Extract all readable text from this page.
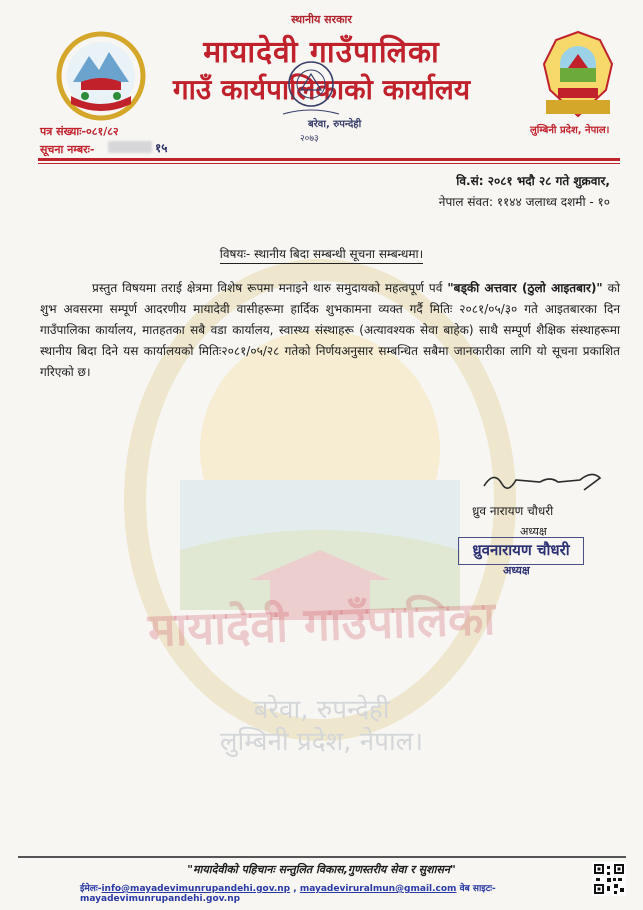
मायादेवी गाउँपालिका
बरेवा, रुपन्देही
लुम्बिनी प्रदेश, नेपाल।
स्थानीय सरकार
मायादेवी गाउँपालिका
गाउँ कार्यपालिकाको कार्यालय
लुम्बिनी प्रदेश, नेपाल।
बरेवा, रुपन्देही
२०७३
पत्र संख्याः-०८१/८२
सूचना नम्बरः-	१५
वि.सं: २०८१ भदौ २८ गते शुक्रवार,
नेपाल संवत: ११४४ जलाध्व दशमी - १०
विषयः- स्थानीय बिदा सम्बन्धी सूचना सम्बन्धमा।
प्रस्तुत विषयमा तराई क्षेत्रमा विशेष रूपमा मनाइने थारु समुदायको महत्वपूर्ण पर्व "बड्की अत्तवार (ठुलो आइतबार)" को शुभ अवसरमा सम्पूर्ण आदरणीय मायादेवी वासीहरूमा हार्दिक शुभकामना व्यक्त गर्दै मितिः २०८१/०५/३० गते आइतबारका दिन गाउँपालिका कार्यालय, मातहतका सबै वडा कार्यालय, स्वास्थ्य संस्थाहरू (अत्यावश्यक सेवा बाहेक) साथै सम्पूर्ण शैक्षिक संस्थाहरूमा स्थानीय बिदा दिने यस कार्यालयको मितिः२०८१/०५/२८ गतेको निर्णयअनुसार सम्बन्धित सबैमा जानकारीका लागि यो सूचना प्रकाशित गरिएको छ।
ध्रुव नारायण चौधरी
अध्यक्ष
ध्रुवनारायण चौधरी
अध्यक्ष
"मायादेवीको पहिचानः सन्तुलित विकास,गुणस्तरीय सेवा र सुशासन"
ईमेलः-info@mayadevimunrupandehi.gov.np , mayadeviruralmun@gmail.com वेब साइटः-mayadevimunrupandehi.gov.np
